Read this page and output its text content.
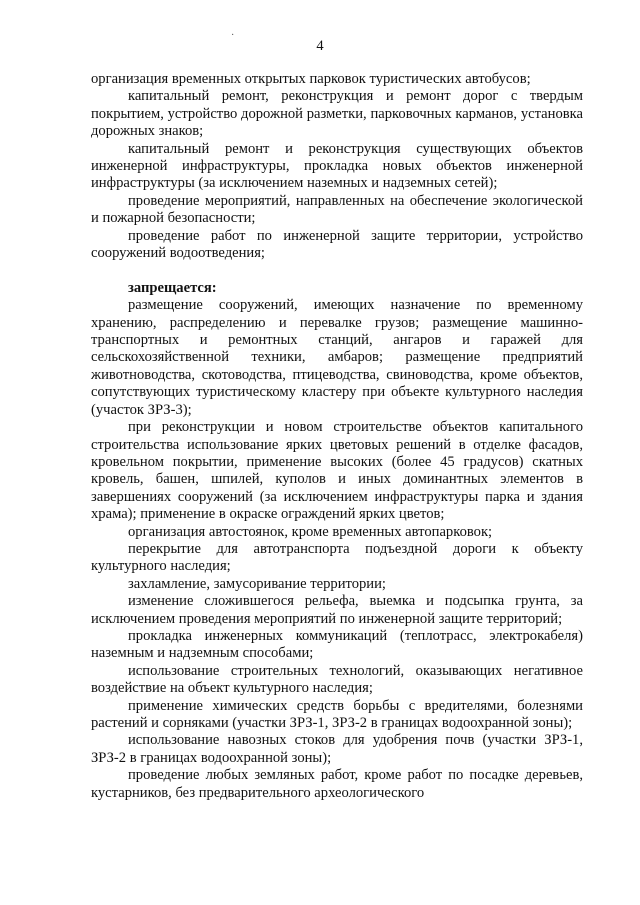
·
4

организация временных открытых парковок туристических автобусов;

капитальный ремонт, реконструкция и ремонт дорог с твердым покрытием, устройство дорожной разметки, парковочных карманов, установка дорожных знаков;

капитальный ремонт и реконструкция существующих объектов инженерной инфраструктуры, прокладка новых объектов инженерной инфраструктуры (за исключением наземных и надземных сетей);

проведение мероприятий, направленных на обеспечение экологической и пожарной безопасности;

проведение работ по инженерной защите территории, устройство сооружений водоотведения;

запрещается:

размещение сооружений, имеющих назначение по временному хранению, распределению и перевалке грузов; размещение машинно-транспортных и ремонтных станций, ангаров и гаражей для сельскохозяйственной техники, амбаров; размещение предприятий животноводства, скотоводства, птицеводства, свиноводства, кроме объектов, сопутствующих туристическому кластеру при объекте культурного наследия (участок ЗРЗ-3);

при реконструкции и новом строительстве объектов капитального строительства использование ярких цветовых решений в отделке фасадов, кровельном покрытии, применение высоких (более 45 градусов) скатных кровель, башен, шпилей, куполов и иных доминантных элементов в завершениях сооружений (за исключением инфраструктуры парка и здания храма); применение в окраске ограждений ярких цветов;

организация автостоянок, кроме временных автопарковок;

перекрытие для автотранспорта подъездной дороги к объекту культурного наследия;

захламление, замусоривание территории;

изменение сложившегося рельефа, выемка и подсыпка грунта, за исключением проведения мероприятий по инженерной защите территорий;

прокладка инженерных коммуникаций (теплотрасс, электрокабеля) наземным и надземным способами;

использование строительных технологий, оказывающих негативное воздействие на объект культурного наследия;

применение химических средств борьбы с вредителями, болезнями растений и сорняками (участки ЗРЗ-1, ЗРЗ-2 в границах водоохранной зоны);

использование навозных стоков для удобрения почв (участки ЗРЗ-1, ЗРЗ-2 в границах водоохранной зоны);

проведение любых земляных работ, кроме работ по посадке деревьев, кустарников, без предварительного археологического
